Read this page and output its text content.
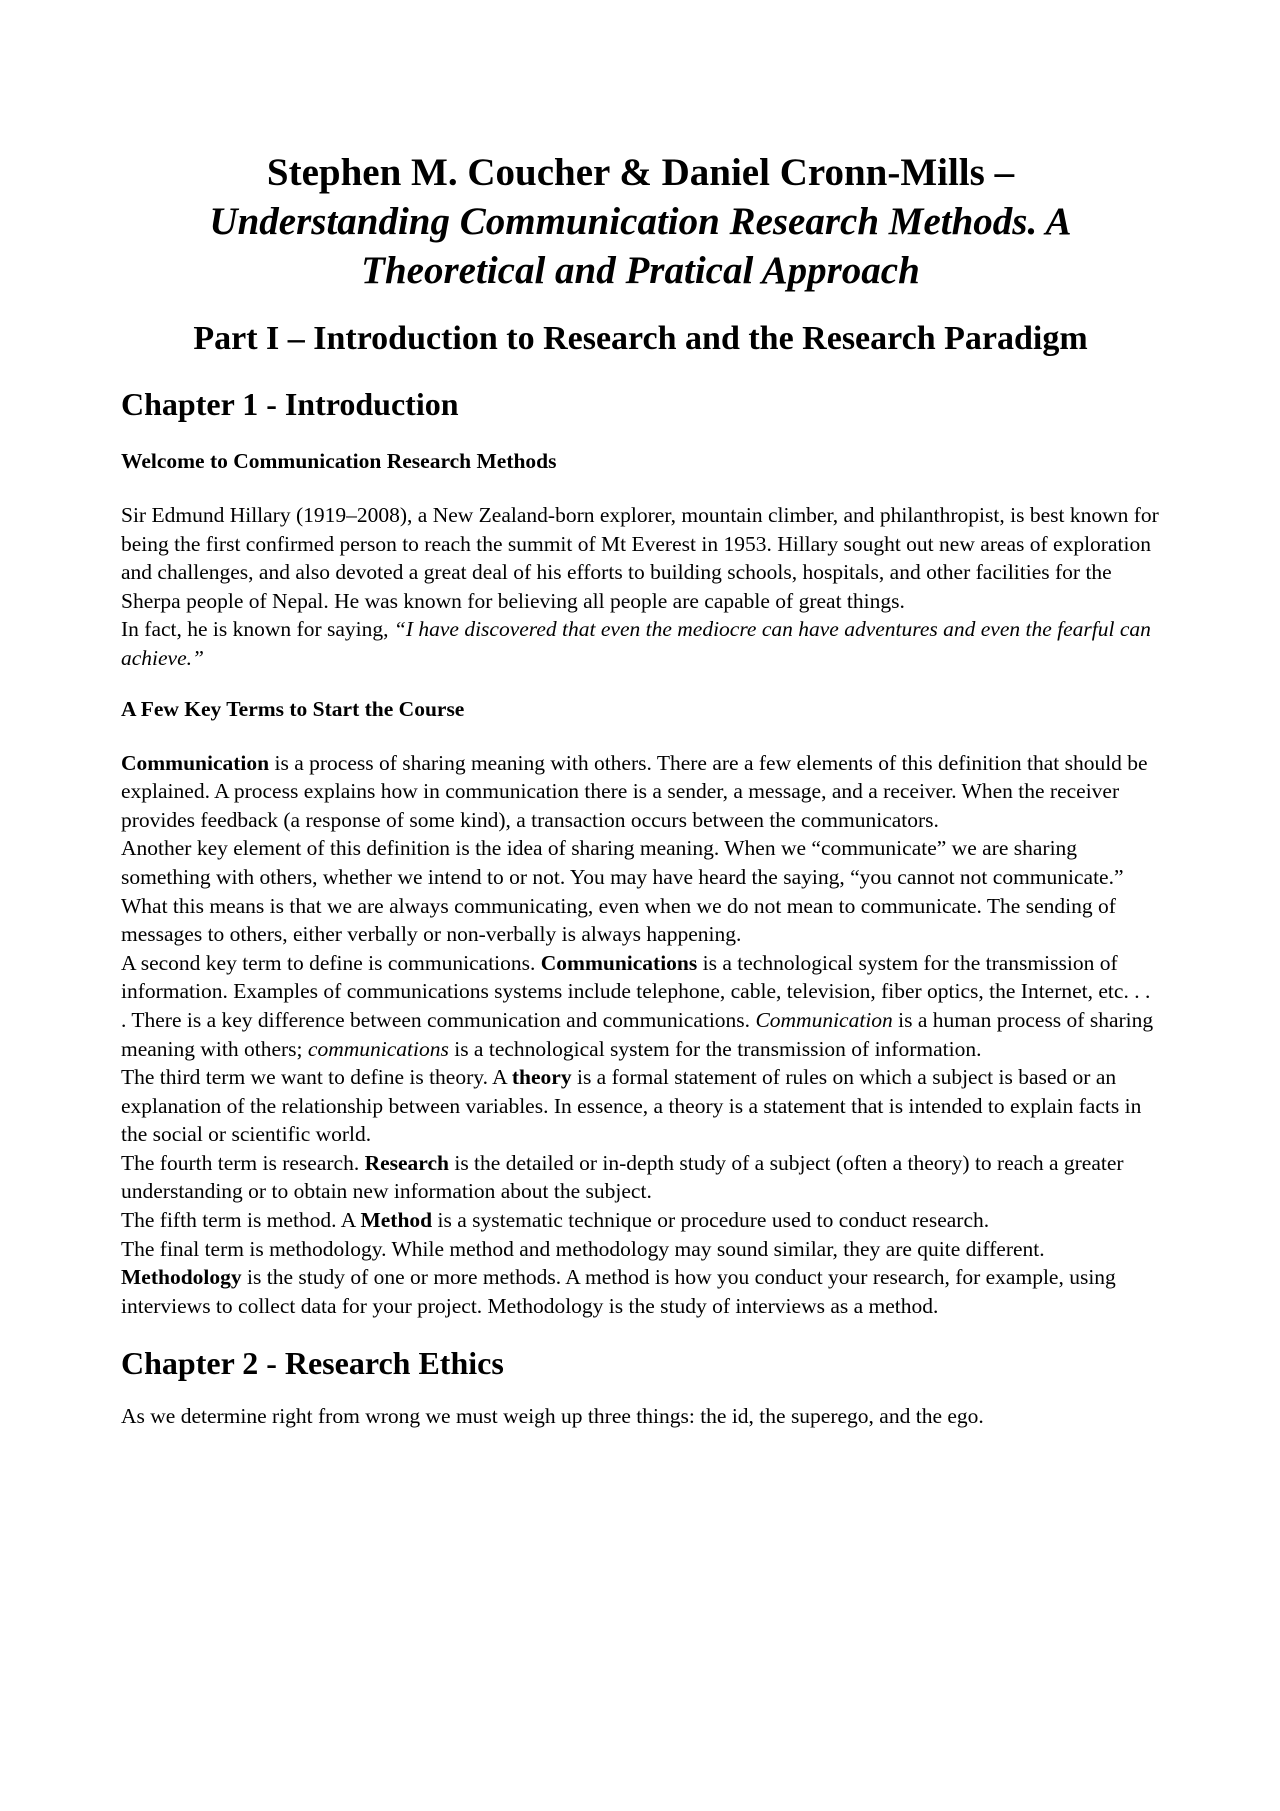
Stephen M. Coucher & Daniel Cronn-Mills –
Understanding Communication Research Methods. A Theoretical and Pratical Approach
Part I – Introduction to Research and the Research Paradigm
Chapter 1 - Introduction
Welcome to Communication Research Methods

Sir Edmund Hillary (1919–2008), a New Zealand-born explorer, mountain climber, and philanthropist, is best known for being the first confirmed person to reach the summit of Mt Everest in 1953. Hillary sought out new areas of exploration and challenges, and also devoted a great deal of his efforts to building schools, hospitals, and other facilities for the Sherpa people of Nepal. He was known for believing all people are capable of great things.

In fact, he is known for saying, “I have discovered that even the mediocre can have adventures and even the fearful can achieve.”

A Few Key Terms to Start the Course

Communication is a process of sharing meaning with others. There are a few elements of this definition that should be explained. A process explains how in communication there is a sender, a message, and a receiver. When the receiver provides feedback (a response of some kind), a transaction occurs between the communicators.

Another key element of this definition is the idea of sharing meaning. When we “communicate” we are sharing something with others, whether we intend to or not. You may have heard the saying, “you cannot not communicate.”

What this means is that we are always communicating, even when we do not mean to communicate. The sending of messages to others, either verbally or non-verbally is always happening.

A second key term to define is communications. Communications is a technological system for the transmission of information. Examples of communications systems include telephone, cable, television, fiber optics, the Internet, etc. . . . There is a key difference between communication and communications. Communication is a human process of sharing meaning with others; communications is a technological system for the transmission of information.

The third term we want to define is theory. A theory is a formal statement of rules on which a subject is based or an explanation of the relationship between variables. In essence, a theory is a statement that is intended to explain facts in the social or scientific world.

The fourth term is research. Research is the detailed or in-depth study of a subject (often a theory) to reach a greater understanding or to obtain new information about the subject.

The fifth term is method. A Method is a systematic technique or procedure used to conduct research.

The final term is methodology. While method and methodology may sound similar, they are quite different. Methodology is the study of one or more methods. A method is how you conduct your research, for example, using interviews to collect data for your project. Methodology is the study of interviews as a method.

Chapter 2 - Research Ethics

As we determine right from wrong we must weigh up three things: the id, the superego, and the ego.
